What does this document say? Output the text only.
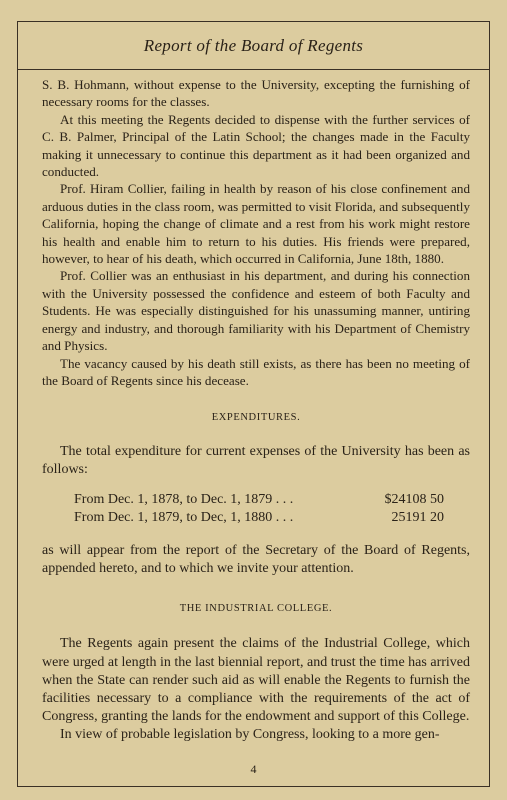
Report of the Board of Regents

S. B. Hohmann, without expense to the University, excepting the furnishing of necessary rooms for the classes.

At this meeting the Regents decided to dispense with the further services of C. B. Palmer, Principal of the Latin School; the changes made in the Faculty making it unnecessary to continue this department as it had been organized and conducted.

Prof. Hiram Collier, failing in health by reason of his close confinement and arduous duties in the class room, was permitted to visit Florida, and subsequently California, hoping the change of climate and a rest from his work might restore his health and enable him to return to his duties. His friends were prepared, however, to hear of his death, which occurred in California, June 18th, 1880.

Prof. Collier was an enthusiast in his department, and during his connection with the University possessed the confidence and esteem of both Faculty and Students. He was especially distinguished for his unassuming manner, untiring energy and industry, and thorough familiarity with his Department of Chemistry and Physics.

The vacancy caused by his death still exists, as there has been no meeting of the Board of Regents since his decease.

EXPENDITURES.

The total expenditure for current expenses of the University has been as follows:

From Dec. 1, 1878, to Dec. 1, 1879 . . .	$24108 50
From Dec. 1, 1879, to Dec, 1, 1880 . . .	25191 20

as will appear from the report of the Secretary of the Board of Regents, appended hereto, and to which we invite your attention.

THE INDUSTRIAL COLLEGE.

The Regents again present the claims of the Industrial College, which were urged at length in the last biennial report, and trust the time has arrived when the State can render such aid as will enable the Regents to furnish the facilities necessary to a compliance with the requirements of the act of Congress, granting the lands for the endowment and support of this College.

In view of probable legislation by Congress, looking to a more gen-

4
